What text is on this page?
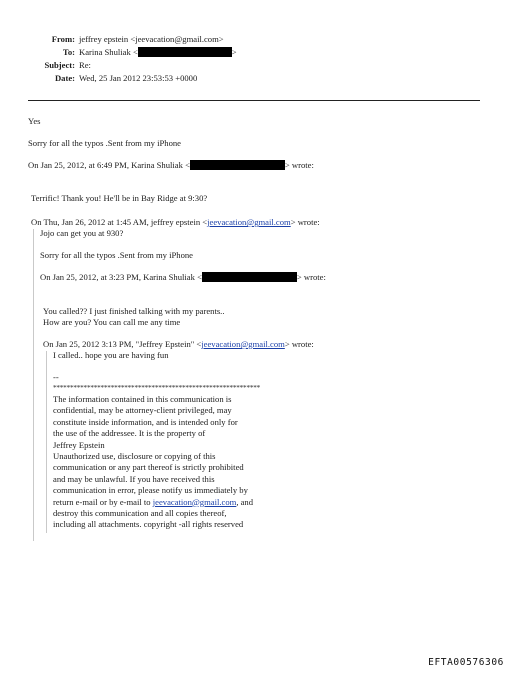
From: jeffrey epstein <jeevacation@gmail.com>
To: Karina Shuliak <	>
Subject: Re:
Date: Wed, 25 Jan 2012 23:53:53 +0000
Yes
Sorry for all the typos .Sent from my iPhone
On Jan 25, 2012, at 6:49 PM, Karina Shuliak <	> wrote:
Terrific! Thank you! He'll be in Bay Ridge at 9:30?
On Thu, Jan 26, 2012 at 1:45 AM, jeffrey epstein <jeevacation@gmail.com> wrote:
Jojo can get you at 930?
Sorry for all the typos .Sent from my iPhone
On Jan 25, 2012, at 3:23 PM, Karina Shuliak <	> wrote:
You called?? I just finished talking with my parents..
How are you? You can call me any time
On Jan 25, 2012 3:13 PM, "Jeffrey Epstein" <jeevacation@gmail.com> wrote:
I called.. hope you are having fun
--
*************************************************************
The information contained in this communication is
confidential, may be attorney-client privileged, may
constitute inside information, and is intended only for
the use of the addressee. It is the property of
Jeffrey Epstein
Unauthorized use, disclosure or copying of this
communication or any part thereof is strictly prohibited
and may be unlawful. If you have received this
communication in error, please notify us immediately by
return e-mail or by e-mail to jeevacation@gmail.com, and
destroy this communication and all copies thereof,
including all attachments. copyright -all rights reserved
EFTA00576306
